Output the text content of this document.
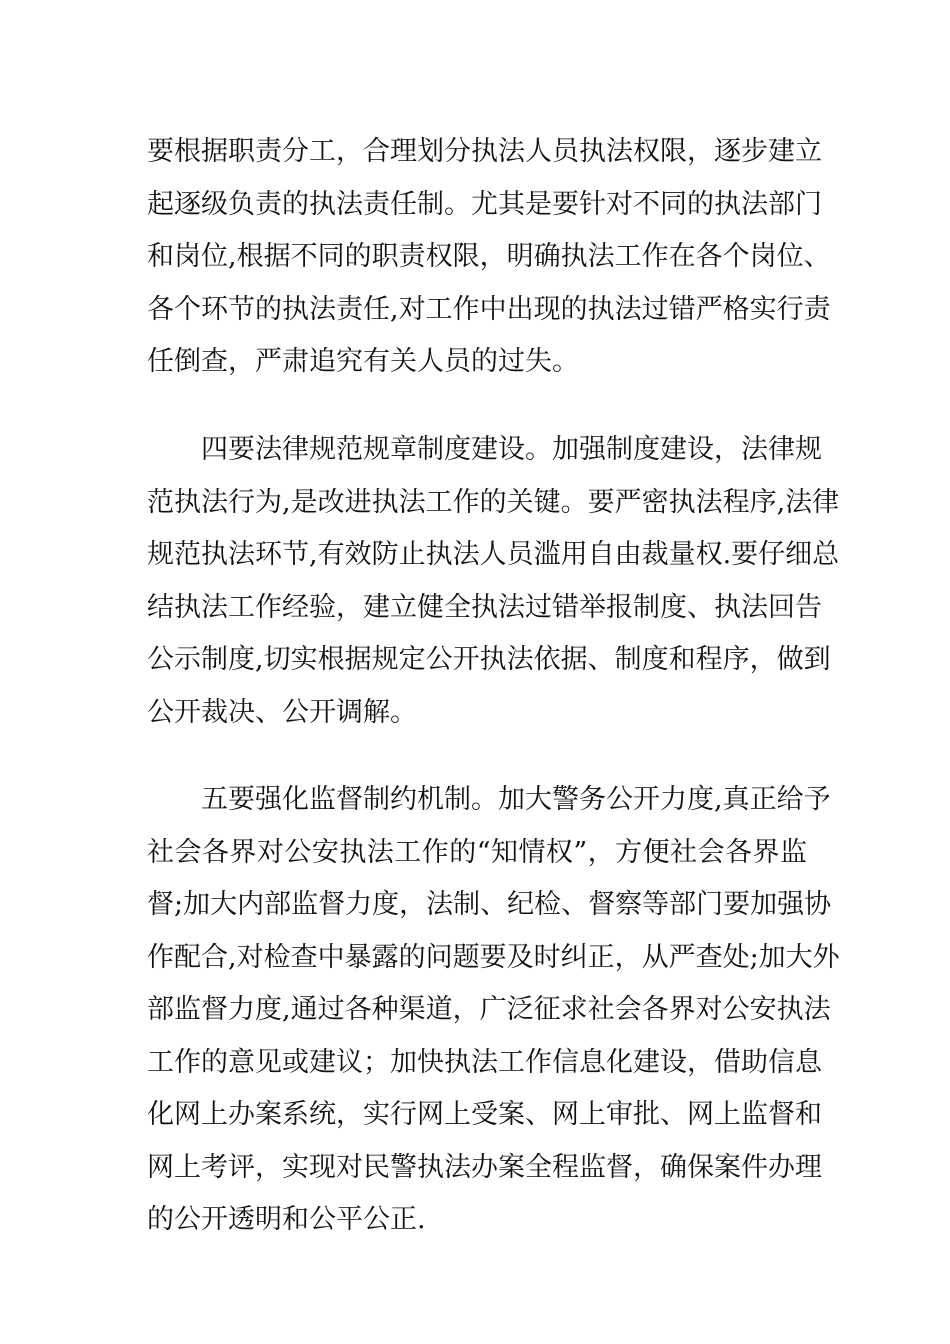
要根据职责分工，合理划分执法人员执法权限，逐步建立
起逐级负责的执法责任制。尤其是要针对不同的执法部门
和岗位,根据不同的职责权限，明确执法工作在各个岗位、
各个环节的执法责任,对工作中出现的执法过错严格实行责
任倒查，严肃追究有关人员的过失。

四要法律规范规章制度建设。加强制度建设，法律规
范执法行为,是改进执法工作的关键。要严密执法程序,法律
规范执法环节,有效防止执法人员滥用自由裁量权.要仔细总
结执法工作经验，建立健全执法过错举报制度、执法回告
公示制度,切实根据规定公开执法依据、制度和程序，做到
公开裁决、公开调解。

五要强化监督制约机制。加大警务公开力度,真正给予
社会各界对公安执法工作的“知情权”，方便社会各界监
督;加大内部监督力度，法制、纪检、督察等部门要加强协
作配合,对检查中暴露的问题要及时纠正，从严查处;加大外
部监督力度,通过各种渠道，广泛征求社会各界对公安执法
工作的意见或建议；加快执法工作信息化建设，借助信息
化网上办案系统，实行网上受案、网上审批、网上监督和
网上考评，实现对民警执法办案全程监督，确保案件办理
的公开透明和公平公正.
